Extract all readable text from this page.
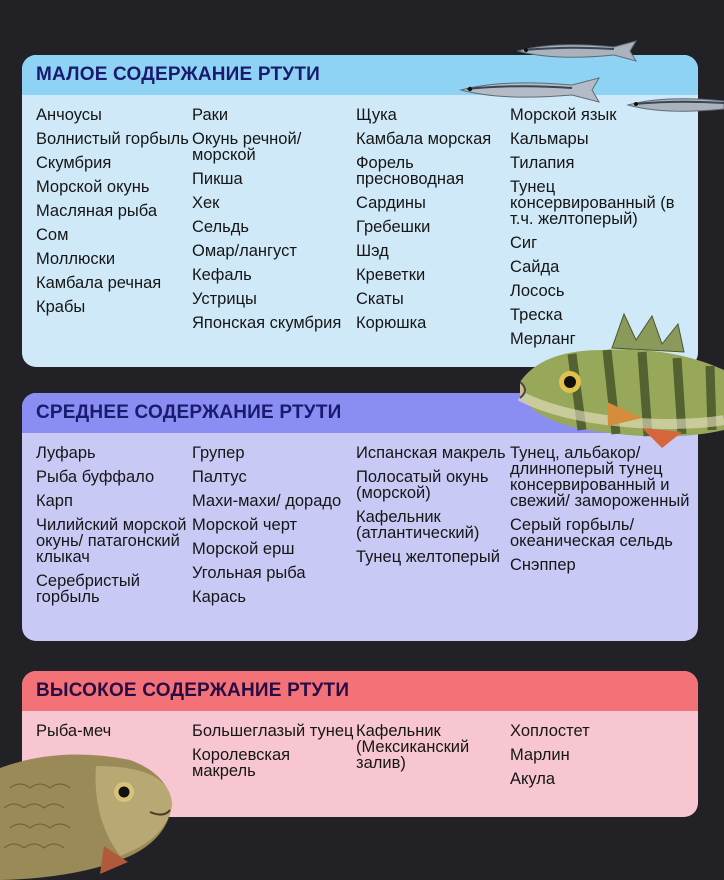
МАЛОЕ СОДЕРЖАНИЕ РТУТИ
Анчоусы
Волнистый горбыль
Скумбрия
Морской окунь
Масляная рыба
Сом
Моллюски
Камбала речная
Крабы
Раки
Окунь речной/морской
Пикша
Хек
Сельдь
Омар/лангуст
Кефаль
Устрицы
Японская скумбрия
Щука
Камбала морская
Форель пресноводная
Сардины
Гребешки
Шэд
Креветки
Скаты
Корюшка
Морской язык
Кальмары
Тилапия
Тунец консервированный (в т.ч. желтоперый)
Сиг
Сайда
Лосось
Треска
Мерланг
СРЕДНЕЕ СОДЕРЖАНИЕ РТУТИ
Луфарь
Рыба буффало
Карп
Чилийский морской окунь/ патагонский клыкач
Серебристый горбыль
Групер
Палтус
Махи-махи/ дорадо
Морской черт
Морской ерш
Угольная рыба
Карась
Испанская макрель
Полосатый окунь (морской)
Кафельник (атлантический)
Тунец желтоперый
Тунец, альбакор/ длинноперый тунец консервированный и свежий/ замороженный
Серый горбыль/ океаническая сельдь
Снэппер
ВЫСОКОЕ СОДЕРЖАНИЕ РТУТИ
Рыба-меч	Большеглазый тунец
Королевская макрель
Кафельник (Мексиканский залив)
Хоплостет
Марлин
Акула
